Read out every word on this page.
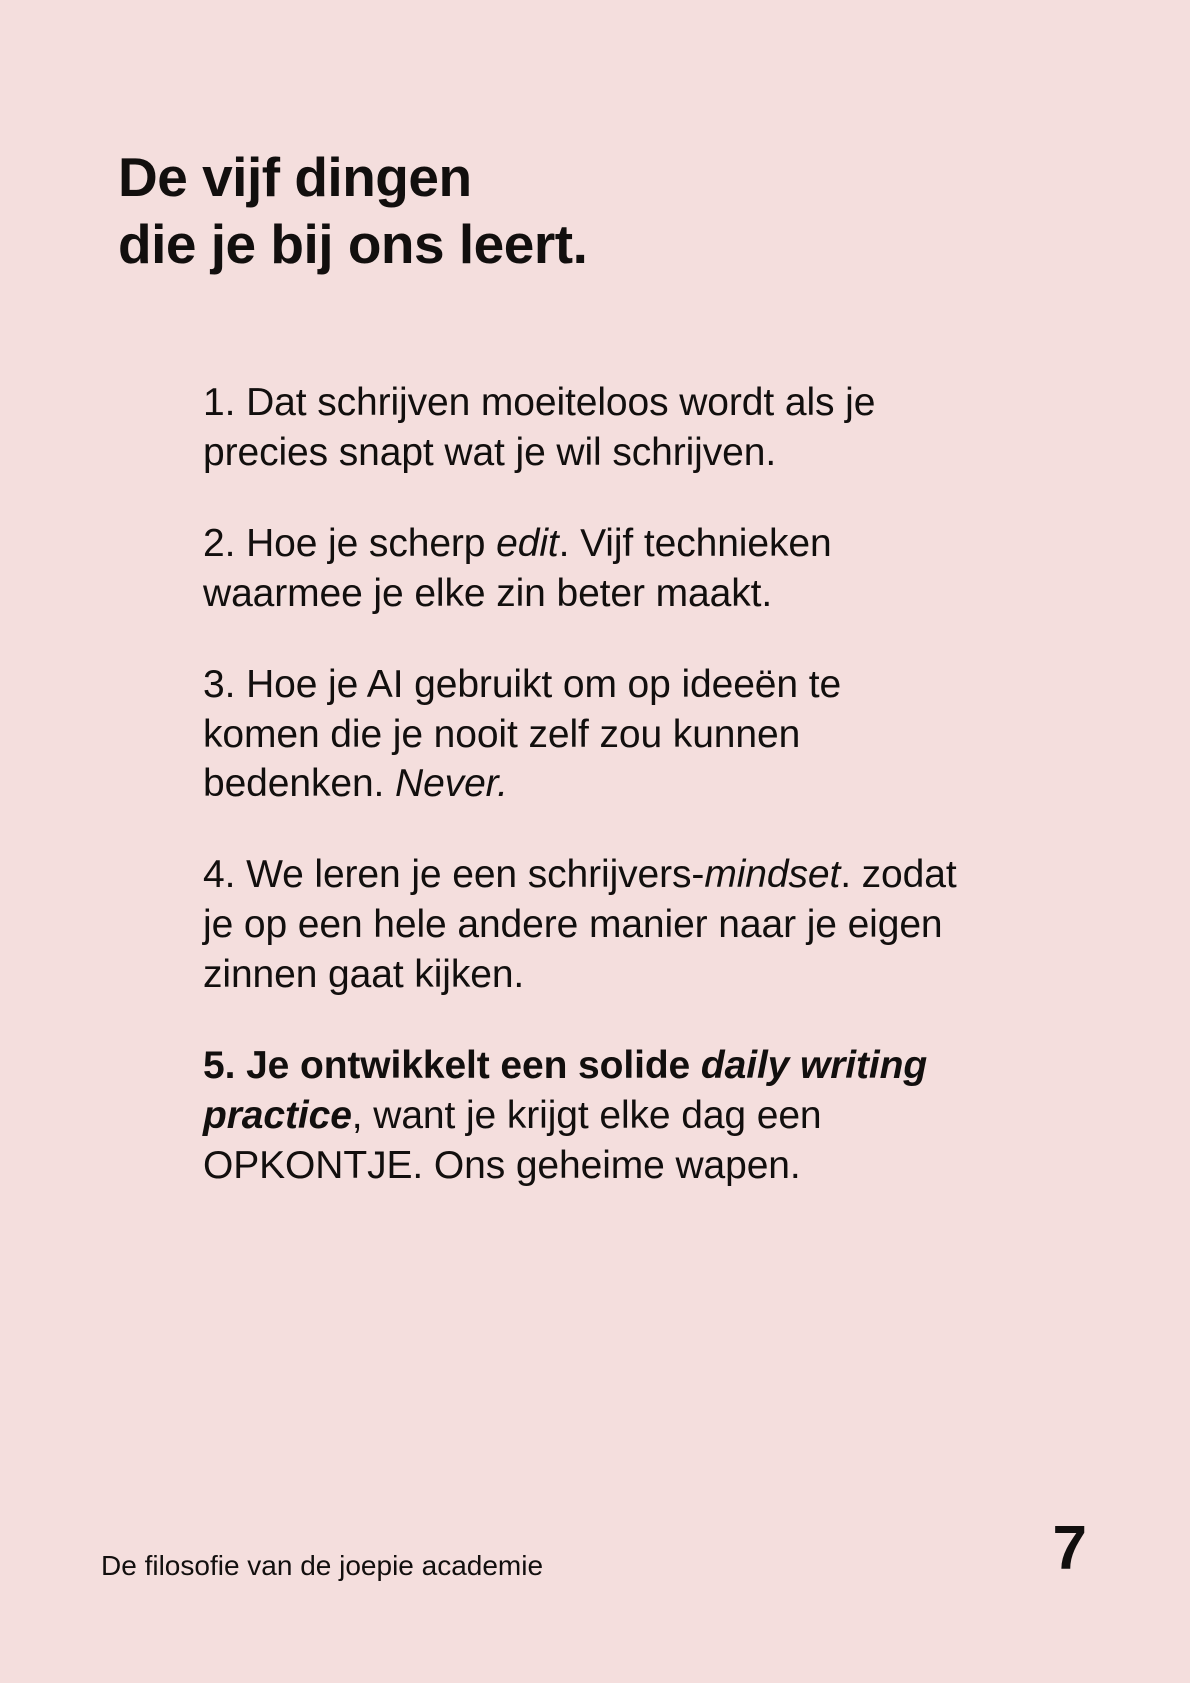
De vijf dingen
die je bij ons leert.

1. Dat schrijven moeiteloos wordt als je precies snapt wat je wil schrijven.

2. Hoe je scherp edit. Vijf technieken waarmee je elke zin beter maakt.

3. Hoe je AI gebruikt om op ideeën te komen die je nooit zelf zou kunnen bedenken. Never.

4. We leren je een schrijvers-mindset. zodat je op een hele andere manier naar je eigen zinnen gaat kijken.

5. Je ontwikkelt een solide daily writing practice, want je krijgt elke dag een OPKONTJE. Ons geheime wapen.

De filosofie van de joepie academie	7
